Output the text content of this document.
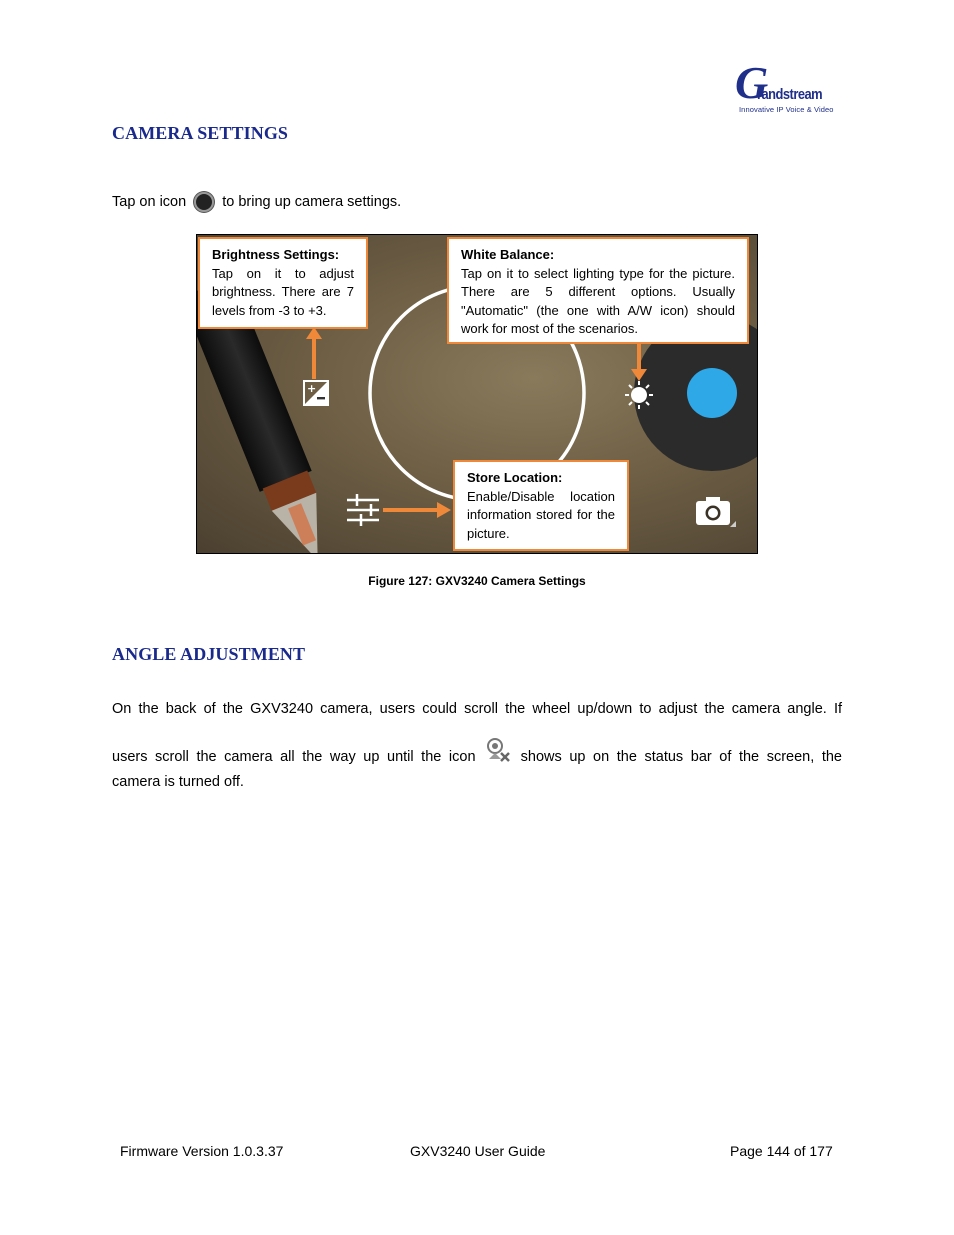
G
randstream
Innovative IP Voice & Video
CAMERA SETTINGS

Tap on icon to bring up camera settings.

+
Brightness Settings:
Tap on it to adjust brightness. There are 7 levels from -3 to +3.
White Balance:
Tap on it to select lighting type for the picture. There are 5 different options. Usually "Automatic" (the one with A/W icon) should work for most of the scenarios.
Store Location:
Enable/Disable location information stored for the picture.
Figure 127: GXV3240 Camera Settings
ANGLE ADJUSTMENT

On the back of the GXV3240 camera, users could scroll the wheel up/down to adjust the camera angle. If

users scroll the camera all the way up until the icon	shows up on the status bar of the screen, the

camera is turned off.

Firmware Version 1.0.3.37	GXV3240 User Guide	Page 144 of 177
